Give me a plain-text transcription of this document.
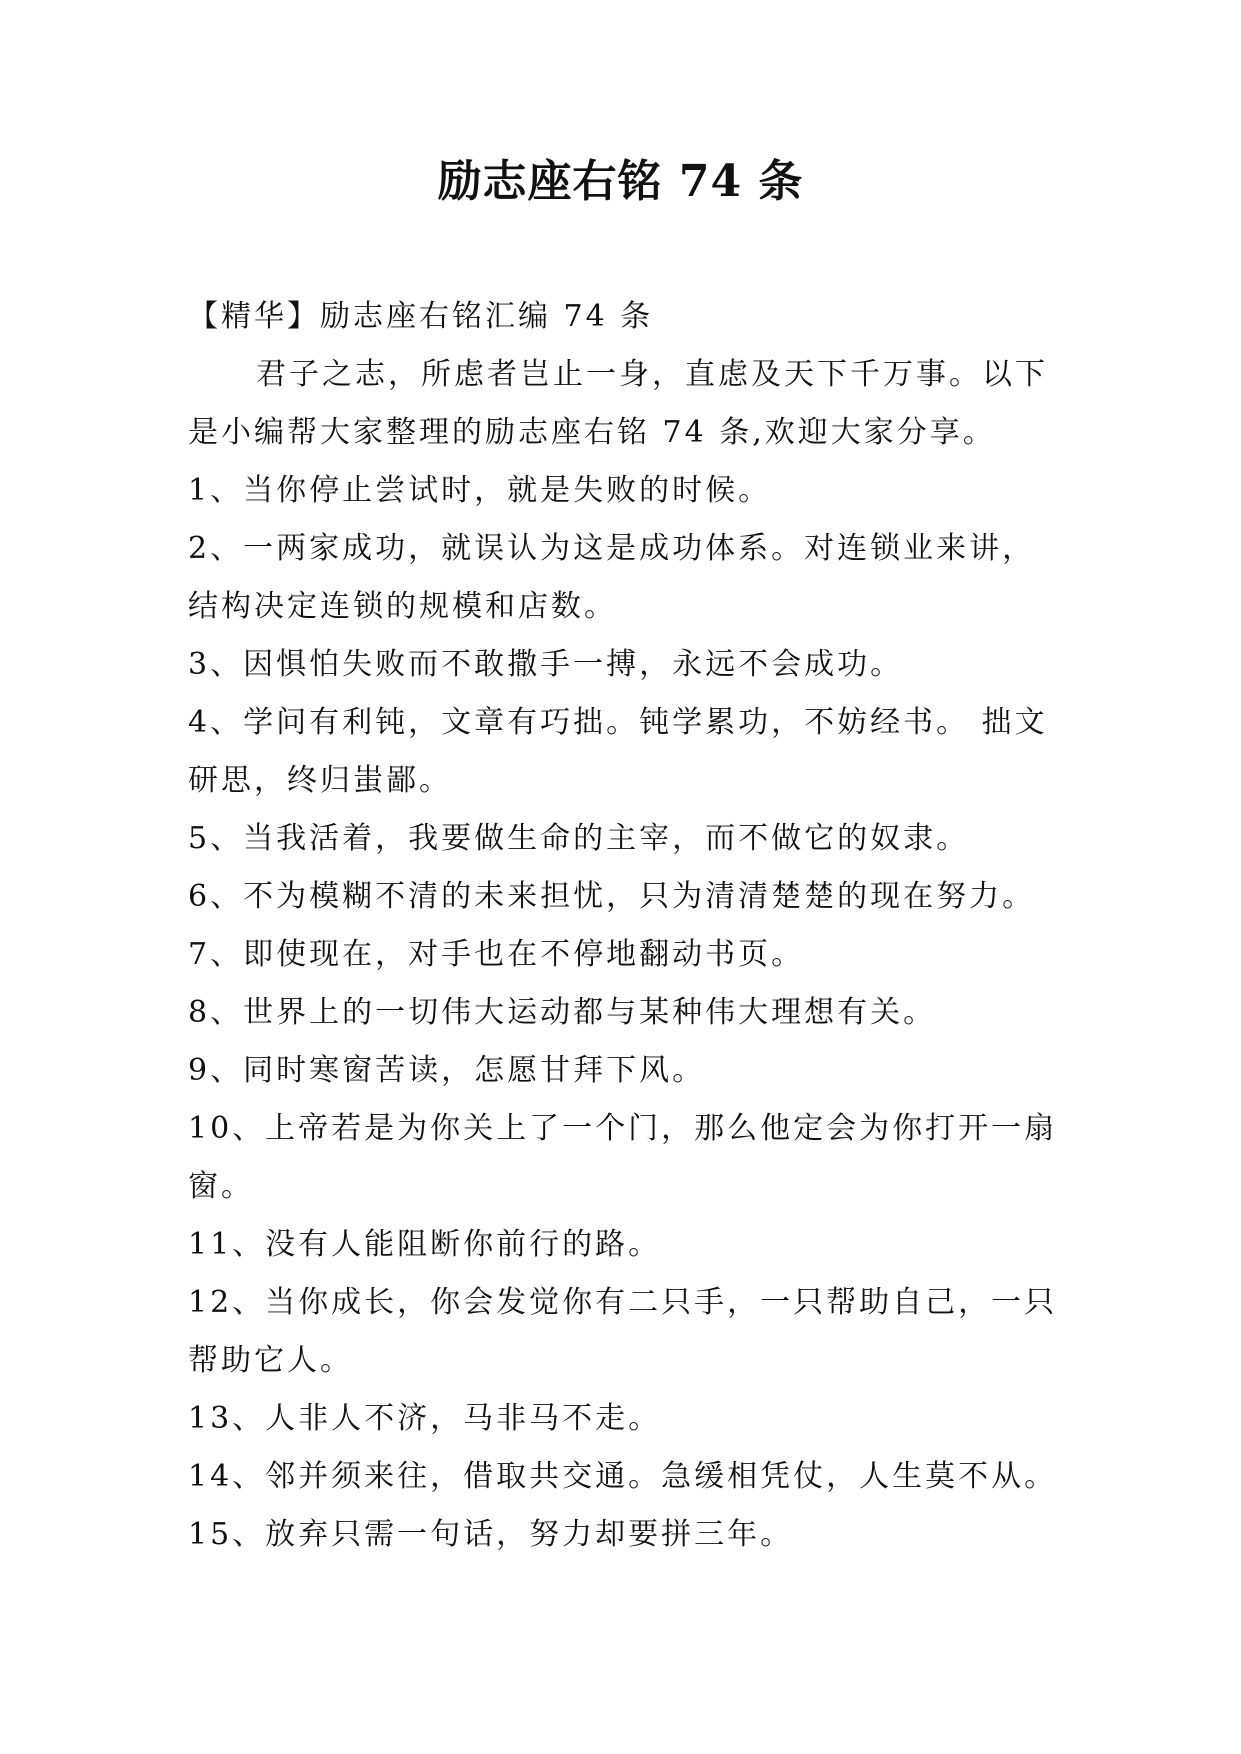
励志座右铭 74 条

【精华】励志座右铭汇编 74 条

君子之志，所虑者岂止一身，直虑及天下千万事。以下是小编帮大家整理的励志座右铭 74 条,欢迎大家分享。

1、当你停止尝试时，就是失败的时候。

2、一两家成功，就误认为这是成功体系。对连锁业来讲，结构决定连锁的规模和店数。

3、因惧怕失败而不敢撒手一搏，永远不会成功。

4、学问有利钝，文章有巧拙。钝学累功，不妨经书。 拙文研思，终归蚩鄙。

5、当我活着，我要做生命的主宰，而不做它的奴隶。

6、不为模糊不清的未来担忧，只为清清楚楚的现在努力。

7、即使现在，对手也在不停地翻动书页。

8、世界上的一切伟大运动都与某种伟大理想有关。

9、同时寒窗苦读，怎愿甘拜下风。

10、上帝若是为你关上了一个门，那么他定会为你打开一扇窗。

11、没有人能阻断你前行的路。

12、当你成长，你会发觉你有二只手，一只帮助自己，一只帮助它人。

13、人非人不济，马非马不走。

14、邻并须来往，借取共交通。急缓相凭仗，人生莫不从。

15、放弃只需一句话，努力却要拼三年。
